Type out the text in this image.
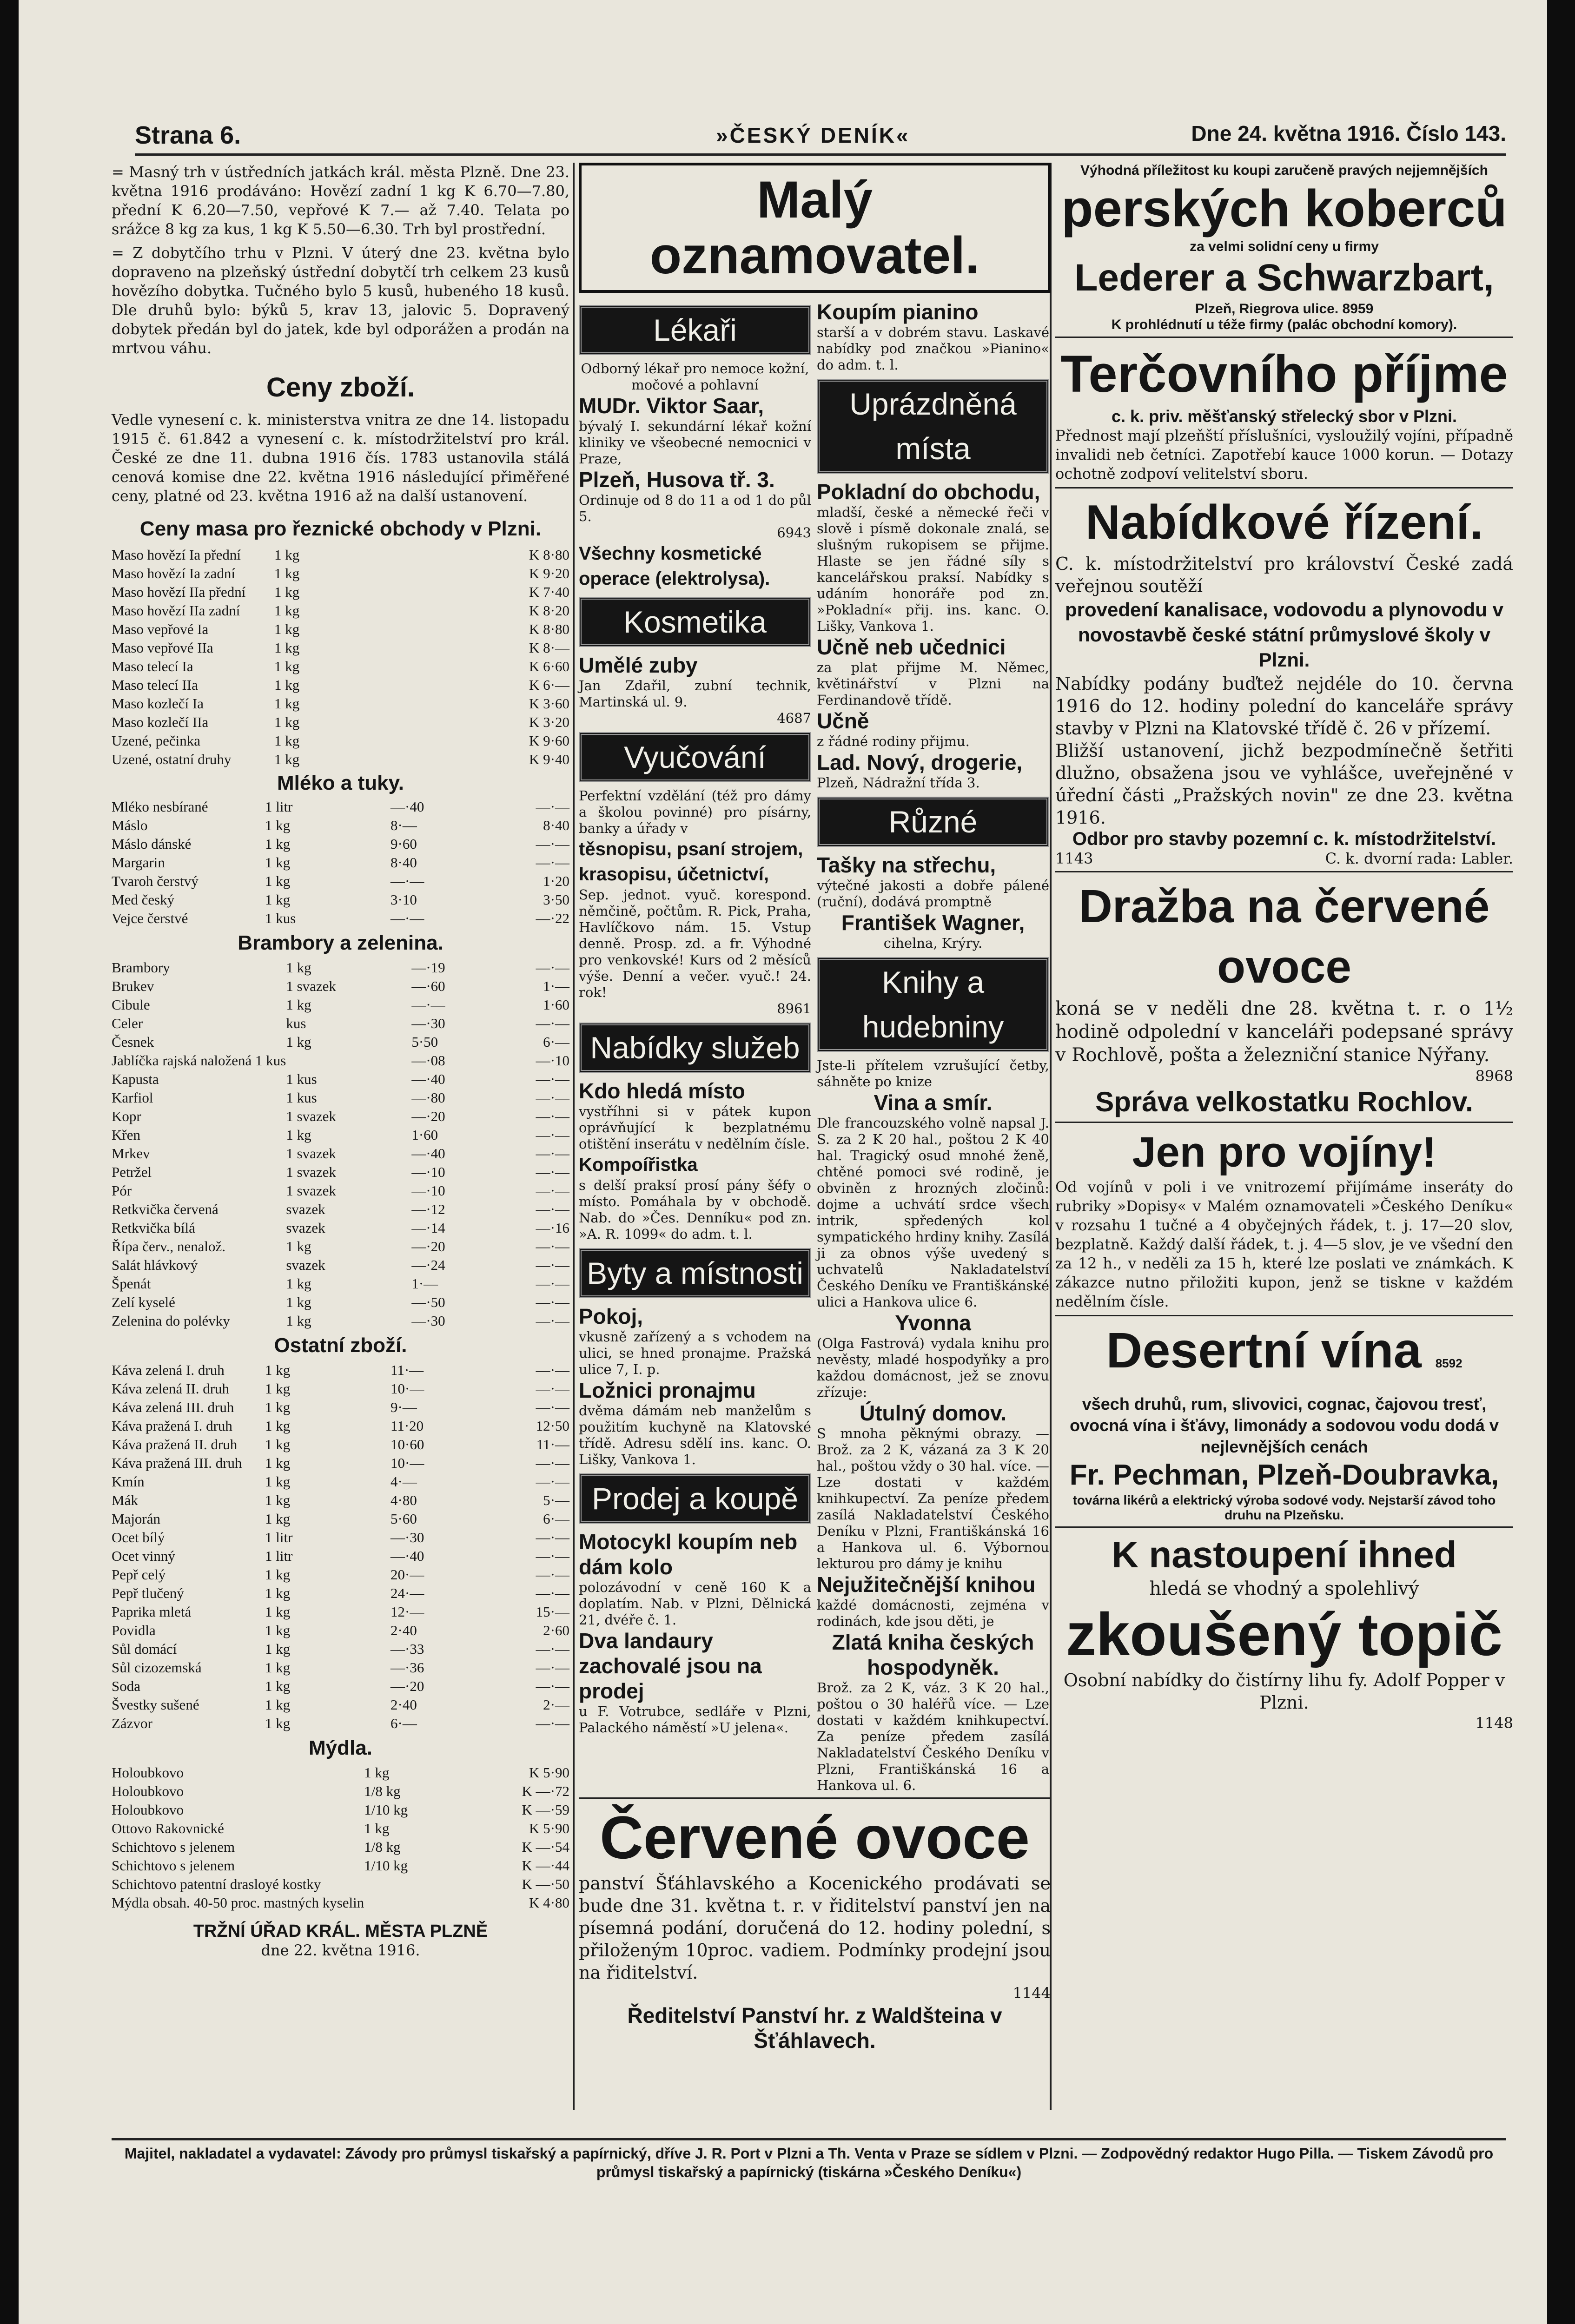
Strana 6.	»ČESKÝ DENÍK«	Dne 24. května 1916. Číslo 143.

= Masný trh v ústředních jatkách král. města Plzně. Dne 23. května 1916 prodáváno: Hovězí zadní 1 kg K 6.70—7.80, přední K 6.20—7.50, vepřové K 7.— až 7.40. Telata po srážce 8 kg za kus, 1 kg K 5.50—6.30. Trh byl prostřední.

= Z dobytčího trhu v Plzni. V úterý dne 23. května bylo dopraveno na plzeňský ústřední dobytčí trh celkem 23 kusů hovězího dobytka. Tučného bylo 5 kusů, hubeného 18 kusů. Dle druhů bylo: býků 5, krav 13, jalovic 5. Dopravený dobytek předán byl do jatek, kde byl odporážen a prodán na mrtvou váhu.

Ceny zboží.

Vedle vynesení c. k. ministerstva vnitra ze dne 14. listopadu 1915 č. 61.842 a vynesení c. k. místodržitelství pro král. České ze dne 11. dubna 1916 čís. 1783 ustanovila stálá cenová komise dne 22. května 1916 následující přiměřené ceny, platné od 23. května 1916 až na další ustanovení.

Ceny masa pro řeznické obchody v Plzni.
Maso hovězí Ia přední	1 kg	K 8·80
Maso hovězí Ia zadní	1 kg	K 9·20
Maso hovězí IIa přední	1 kg	K 7·40
Maso hovězí IIa zadní	1 kg	K 8·20
Maso vepřové Ia	1 kg	K 8·80
Maso vepřové IIa	1 kg	K 8·—
Maso telecí Ia	1 kg	K 6·60
Maso telecí IIa	1 kg	K 6·—
Maso kozlečí Ia	1 kg	K 3·60
Maso kozlečí IIa	1 kg	K 3·20
Uzené, pečinka	1 kg	K 9·60
Uzené, ostatní druhy	1 kg	K 9·40
Mléko a tuky.
Mléko nesbírané	1 litr	—·40	—·—
Máslo	1 kg	8·—	8·40
Máslo dánské	1 kg	9·60	—·—
Margarin	1 kg	8·40	—·—
Tvaroh čerstvý	1 kg	—·—	1·20
Med český	1 kg	3·10	3·50
Vejce čerstvé	1 kus	—·—	—·22
Brambory a zelenina.
Brambory	1 kg	—·19	—·—
Brukev	1 svazek	—·60	1·—
Cibule	1 kg	—·—	1·60
Celer	kus	—·30	—·—
Česnek	1 kg	5·50	6·—
Jablíčka rajská naložená 1 kus		—·08	—·10
Kapusta	1 kus	—·40	—·—
Karfiol	1 kus	—·80	—·—
Kopr	1 svazek	—·20	—·—
Křen	1 kg	1·60	—·—
Mrkev	1 svazek	—·40	—·—
Petržel	1 svazek	—·10	—·—
Pór	1 svazek	—·10	—·—
Retkvička červená	svazek	—·12	—·—
Retkvička bílá	svazek	—·14	—·16
Řípa červ., nenalož.	1 kg	—·20	—·—
Salát hlávkový	svazek	—·24	—·—
Špenát	1 kg	1·—	—·—
Zelí kyselé	1 kg	—·50	—·—
Zelenina do polévky	1 kg	—·30	—·—
Ostatní zboží.
Káva zelená I. druh	1 kg	11·—	—·—
Káva zelená II. druh	1 kg	10·—	—·—
Káva zelená III. druh	1 kg	9·—	—·—
Káva pražená I. druh	1 kg	11·20	12·50
Káva pražená II. druh	1 kg	10·60	11·—
Káva pražená III. druh	1 kg	10·—	—·—
Kmín	1 kg	4·—	—·—
Mák	1 kg	4·80	5·—
Majorán	1 kg	5·60	6·—
Ocet bílý	1 litr	—·30	—·—
Ocet vinný	1 litr	—·40	—·—
Pepř celý	1 kg	20·—	—·—
Pepř tlučený	1 kg	24·—	—·—
Paprika mletá	1 kg	12·—	15·—
Povidla	1 kg	2·40	2·60
Sůl domácí	1 kg	—·33	—·—
Sůl cizozemská	1 kg	—·36	—·—
Soda	1 kg	—·20	—·—
Švestky sušené	1 kg	2·40	2·—
Zázvor	1 kg	6·—	—·—
Mýdla.
Holoubkovo	1 kg	K 5·90
Holoubkovo	1/8 kg	K —·72
Holoubkovo	1/10 kg	K —·59
Ottovo Rakovnické	1 kg	K 5·90
Schichtovo s jelenem	1/8 kg	K —·54
Schichtovo s jelenem	1/10 kg	K —·44
Schichtovo patentní drasloyé kostky		K —·50
Mýdla obsah. 40-50 proc. mastných kyselin		K 4·80
TRŽNÍ ÚŘAD KRÁL. MĚSTA PLZNĚ
dne 22. května 1916.
Malý oznamovatel.
Lékaři

Odborný lékař pro nemoce kožní, močové a pohlavní

MUDr. Viktor Saar,

bývalý I. sekundární lékař kožní kliniky ve všeobecné nemocnici v Praze,

Plzeň, Husova tř. 3.

Ordinuje od 8 do 11 a od 1 do půl 5.

6943

Všechny kosmetické operace (elektrolysa).

Kosmetika

Umělé zuby

Jan Zdařil, zubní technik, Martinská ul. 9.

4687

Vyučování

Perfektní vzdělání (též pro dámy a školou povinné) pro písárny, banky a úřady v

těsnopisu, psaní strojem, krasopisu, účetnictví,

Sep. jednot. vyuč. korespond. němčině, počtům. R. Pick, Praha, Havlíčkovo nám. 15. Vstup denně. Prosp. zd. a fr. Výhodné pro venkovské! Kurs od 2 měsíců výše. Denní a večer. vyuč.! 24. rok!

8961

Nabídky služeb

Kdo hledá místo

vystříhni si v pátek kupon oprávňující k bezplatnému otištění inserátu v nedělním čísle.

Kompoířistka

s delší praksí prosí pány šéfy o místo. Pomáhala by v obchodě. Nab. do »Čes. Denníku« pod zn. »A. R. 1099« do adm. t. l.

Byty a místnosti

Pokoj,

vkusně zařízený a s vchodem na ulici, se hned pronajme. Pražská ulice 7, I. p.

Ložnici pronajmu

dvěma dámám neb manželům s použitím kuchyně na Klatovské třídě. Adresu sdělí ins. kanc. O. Lišky, Vankova 1.

Prodej a koupě

Motocykl koupím neb dám kolo

polozávodní v ceně 160 K a doplatím. Nab. v Plzni, Dělnická 21, dvéře č. 1.

Dva landaury zachovalé jsou na prodej

u F. Votrubce, sedláře v Plzni, Palackého náměstí »U jelena«.

Koupím pianino

starší a v dobrém stavu. Laskavé nabídky pod značkou »Pianino« do adm. t. l.

Uprázdněná místa

Pokladní do obchodu,

mladší, české a německé řeči v slově i písmě dokonale znalá, se slušným rukopisem se přijme. Hlaste se jen řádné síly s kancelářskou praksí. Nabídky s udáním honoráře pod zn. »Pokladní« přij. ins. kanc. O. Lišky, Vankova 1.

Učně neb učednici

za plat přijme M. Němec, květinářství v Plzni na Ferdinandově třídě.

Učně

z řádné rodiny přijmu.

Lad. Nový, drogerie,

Plzeň, Nádražní třída 3.

Různé

Tašky na střechu,

výtečné jakosti a dobře pálené (ruční), dodává promptně

František Wagner,

cihelna, Krýry.

Knihy a hudebniny

Jste-li přítelem vzrušující četby, sáhněte po knize

Vina a smír.

Dle francouzského volně napsal J. S. za 2 K 20 hal., poštou 2 K 40 hal. Tragický osud mnohé ženě, chtěné pomoci své rodině, je obviněn z hrozných zločinů: dojme a uchvátí srdce všech intrik, spředených kol sympatického hrdiny knihy. Zasílá ji za obnos výše uvedený s uchvatelů Nakladatelství Českého Deníku ve Františkánské ulici a Hankova ulice 6.

Yvonna

(Olga Fastrová) vydala knihu pro nevěsty, mladé hospodyňky a pro každou domácnost, jež se znovu zřízuje:

Útulný domov.

S mnoha pěknými obrazy. — Brož. za 2 K, vázaná za 3 K 20 hal., poštou vždy o 30 hal. více. — Lze dostati v každém knihkupectví. Za peníze předem zasílá Nakladatelství Českého Deníku v Plzni, Františkánská 16 a Hankova ul. 6. Výbornou lekturou pro dámy je knihu

Nejužitečnější knihou

každé domácnosti, zejména v rodinách, kde jsou děti, je

Zlatá kniha českých hospodyněk.

Brož. za 2 K, váz. 3 K 20 hal., poštou o 30 haléřů více. — Lze dostati v každém knihkupectví. Za peníze předem zasílá Nakladatelství Českého Deníku v Plzni, Františkánská 16 a Hankova ul. 6.

Červené ovoce

panství Šťáhlavského a Kocenického prodávati se bude dne 31. května t. r. v řiditelství panství jen na písemná podání, doručená do 12. hodiny polední, s přiloženým 10proc. vadiem. Podmínky prodejní jsou na řiditelství.

1144

Ředitelství Panství hr. z Waldšteina v Šťáhlavech.
Výhodná příležitost ku koupi zaručeně pravých nejjemnějších
perských koberců
za velmi solidní ceny u firmy
Lederer a Schwarzbart,
Plzeň, Riegrova ulice. 8959
K prohlédnutí u téže firmy (palác obchodní komory).
Terčovního příjme
c. k. priv. měšťanský střelecký sbor v Plzni.

Přednost mají plzeňští příslušníci, vysloužilý vojíni, případně invalidi neb četníci. Zapotřebí kauce 1000 korun. — Dotazy ochotně zodpoví velitelství sboru.

Nabídkové řízení.

C. k. místodržitelství pro království České zadá veřejnou soutěží

provedení kanalisace, vodovodu a plynovodu v novostavbě české státní průmyslové školy v Plzni.

Nabídky podány buďtež nejdéle do 10. června 1916 do 12. hodiny polední do kanceláře správy stavby v Plzni na Klatovské třídě č. 26 v přízemí.

Bližší ustanovení, jichž bezpodmínečně šetřiti dlužno, obsažena jsou ve vyhlášce, uveřejněné v úřední části „Pražských novin" ze dne 23. května 1916.

Odbor pro stavby pozemní c. k. místodržitelství.
1143	C. k. dvorní rada: Labler.
Dražba na červené ovoce

koná se v neděli dne 28. května t. r. o 1½ hodině odpolední v kanceláři podepsané správy v Rochlově, pošta a železniční stanice Nýřany.

8968

Správa velkostatku Rochlov.
Jen pro vojíny!

Od vojínů v poli i ve vnitrozemí přijímáme inseráty do rubriky »Dopisy« v Malém oznamovateli »Českého Deníku« v rozsahu 1 tučné a 4 obyčejných řádek, t. j. 17—20 slov, bezplatně. Každý další řádek, t. j. 4—5 slov, je ve všední den za 12 h., v neděli za 15 h, které lze poslati ve známkách. K zákazce nutno přiložiti kupon, jenž se tiskne v každém nedělním čísle.

Desertní vína 8592

všech druhů, rum, slivovici, cognac, čajovou tresť, ovocná vína i šťávy, limonády a sodovou vodu dodá v nejlevnějších cenách

Fr. Pechman, Plzeň-Doubravka,
továrna likérů a elektrický výroba sodové vody. Nejstarší závod toho druhu na Plzeňsku.
K nastoupení ihned
hledá se vhodný a spolehlivý
zkoušený topič

Osobní nabídky do čistírny lihu fy. Adolf Popper v Plzni.

1148

Majitel, nakladatel a vydavatel: Závody pro průmysl tiskařský a papírnický, dříve J. R. Port v Plzni a Th. Venta v Praze se sídlem v Plzni. — Zodpovědný redaktor Hugo Pilla. — Tiskem Závodů pro průmysl tiskařský a papírnický (tiskárna »Českého Deníku«)
